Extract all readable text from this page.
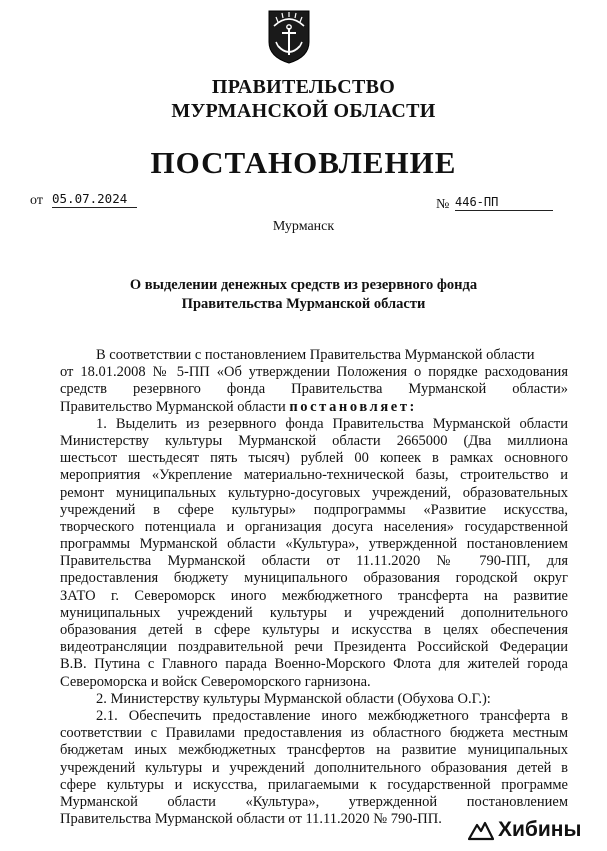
ПРАВИТЕЛЬСТВО
МУРМАНСКОЙ ОБЛАСТИ
ПОСТАНОВЛЕНИЕ
от 05.07.2024	№ 446-ПП
Мурманск
О выделении денежных средств из резервного фонда
Правительства Мурманской области
В соответствии с постановлением Правительства Мурманской области
от 18.01.2008 № 5-ПП «Об утверждении Положения о порядке расходования
средств резервного фонда Правительства Мурманской области»
Правительство Мурманской области постановляет:
1. Выделить из резервного фонда Правительства Мурманской области
Министерству культуры Мурманской области 2665000 (Два миллиона
шестьсот шестьдесят пять тысяч) рублей 00 копеек в рамках основного
мероприятия «Укрепление материально-технической базы, строительство и
ремонт муниципальных культурно-досуговых учреждений, образовательных
учреждений в сфере культуры» подпрограммы «Развитие искусства,
творческого потенциала и организация досуга населения» государственной
программы Мурманской области «Культура», утвержденной постановлением
Правительства Мурманской области от 11.11.2020 № 790-ПП, для
предоставления бюджету муниципального образования городской округ
ЗАТО г. Североморск иного межбюджетного трансферта на развитие
муниципальных учреждений культуры и учреждений дополнительного
образования детей в сфере культуры и искусства в целях обеспечения
видеотрансляции поздравительной речи Президента Российской Федерации
В.В. Путина с Главного парада Военно-Морского Флота для жителей города
Североморска и войск Североморского гарнизона.
2. Министерству культуры Мурманской области (Обухова О.Г.):
2.1. Обеспечить предоставление иного межбюджетного трансферта в
соответствии с Правилами предоставления из областного бюджета местным
бюджетам иных межбюджетных трансфертов на развитие муниципальных
учреждений культуры и учреждений дополнительного образования детей в
сфере культуры и искусства, прилагаемыми к государственной программе
Мурманской области «Культура», утвержденной постановлением
Правительства Мурманской области от 11.11.2020 № 790-ПП.	Хибины
